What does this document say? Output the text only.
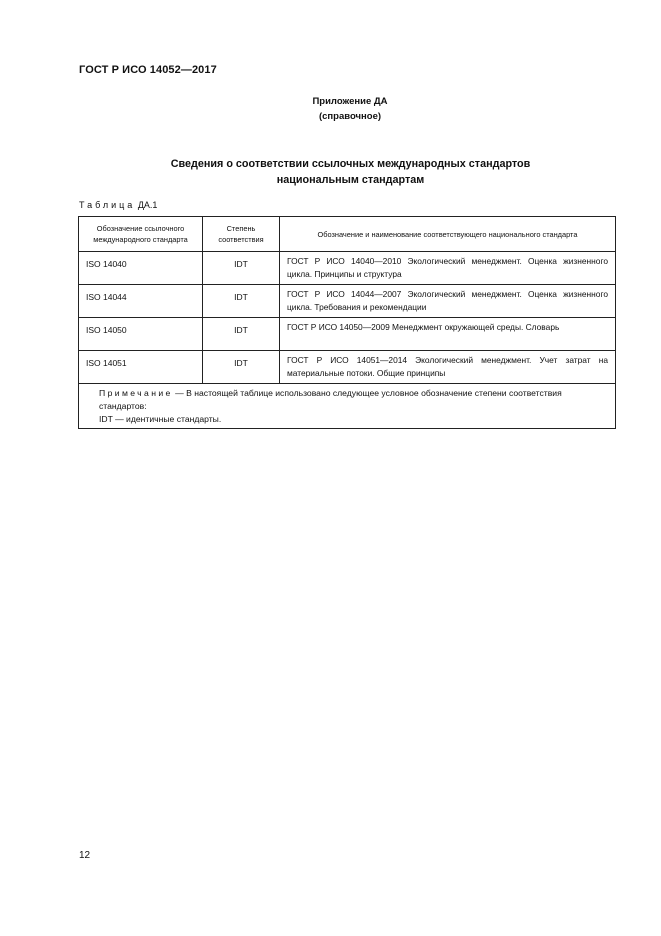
ГОСТ Р ИСО 14052—2017
Приложение ДА
(справочное)
Сведения о соответствии ссылочных международных стандартов
национальным стандартам
Таблица ДА.1
Обозначение ссылочного международного стандарта	Степень соответствия	Обозначение и наименование соответствующего национального стандарта
ISO 14040	IDT	ГОСТ Р ИСО 14040—2010 Экологический менеджмент. Оценка жизненного цикла. Принципы и структура
ISO 14044	IDT	ГОСТ Р ИСО 14044—2007 Экологический менеджмент. Оценка жизненного цикла. Требования и рекомендации
ISO 14050	IDT	ГОСТ Р ИСО 14050—2009 Менеджмент окружающей среды. Словарь
ISO 14051	IDT	ГОСТ Р ИСО 14051—2014 Экологический менеджмент. Учет затрат на материальные потоки. Общие принципы

Примечание — В настоящей таблице использовано следующее условное обозначение степени соответствия стандартов:
IDT — идентичные стандарты.		
12
